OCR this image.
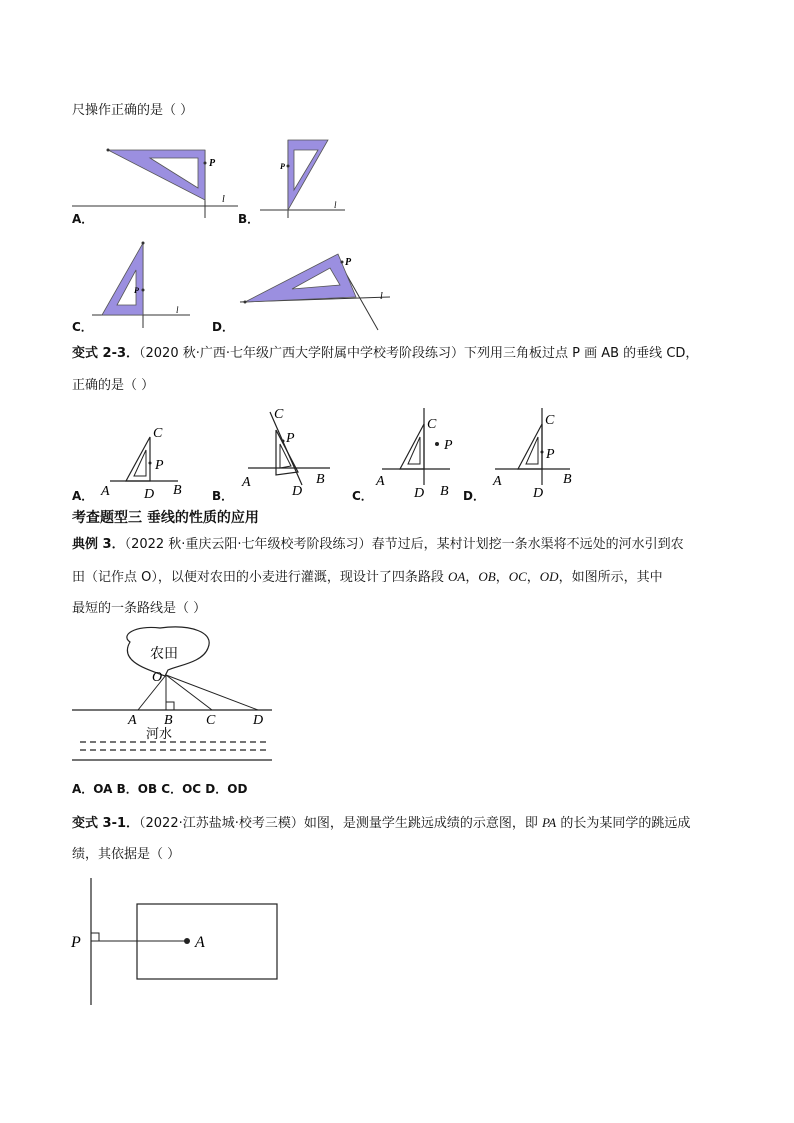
尺操作正确的是（ ）
P
l
P
l
P
l
P
l
A．	B．
C．	D．
变式 2-3．（2020 秋·广西·七年级广西大学附属中学校考阶段练习）下列用三角板过点 P 画 AB 的垂线 CD，
正确的是（ ）
C
P
A D B
C
P
A
D
B
C
P
A
D B
C
P
A
D
B
A．	B．	C．	D．
考查题型三 垂线的性质的应用
典例 3．（2022 秋·重庆云阳·七年级校考阶段练习）春节过后，某村计划挖一条水渠将不远处的河水引到农
田（记作点 O），以便对农田的小麦进行灌溉，现设计了四条路段 OA，OB，OC，OD，如图所示，其中
最短的一条路线是（ ）
农田
O
A B C	D
河水
A．OA B．OB C．OC D．OD
变式 3-1．（2022·江苏盐城·校考三模）如图，是测量学生跳远成绩的示意图，即 PA 的长为某同学的跳远成
绩，其依据是（ ）
P	A
